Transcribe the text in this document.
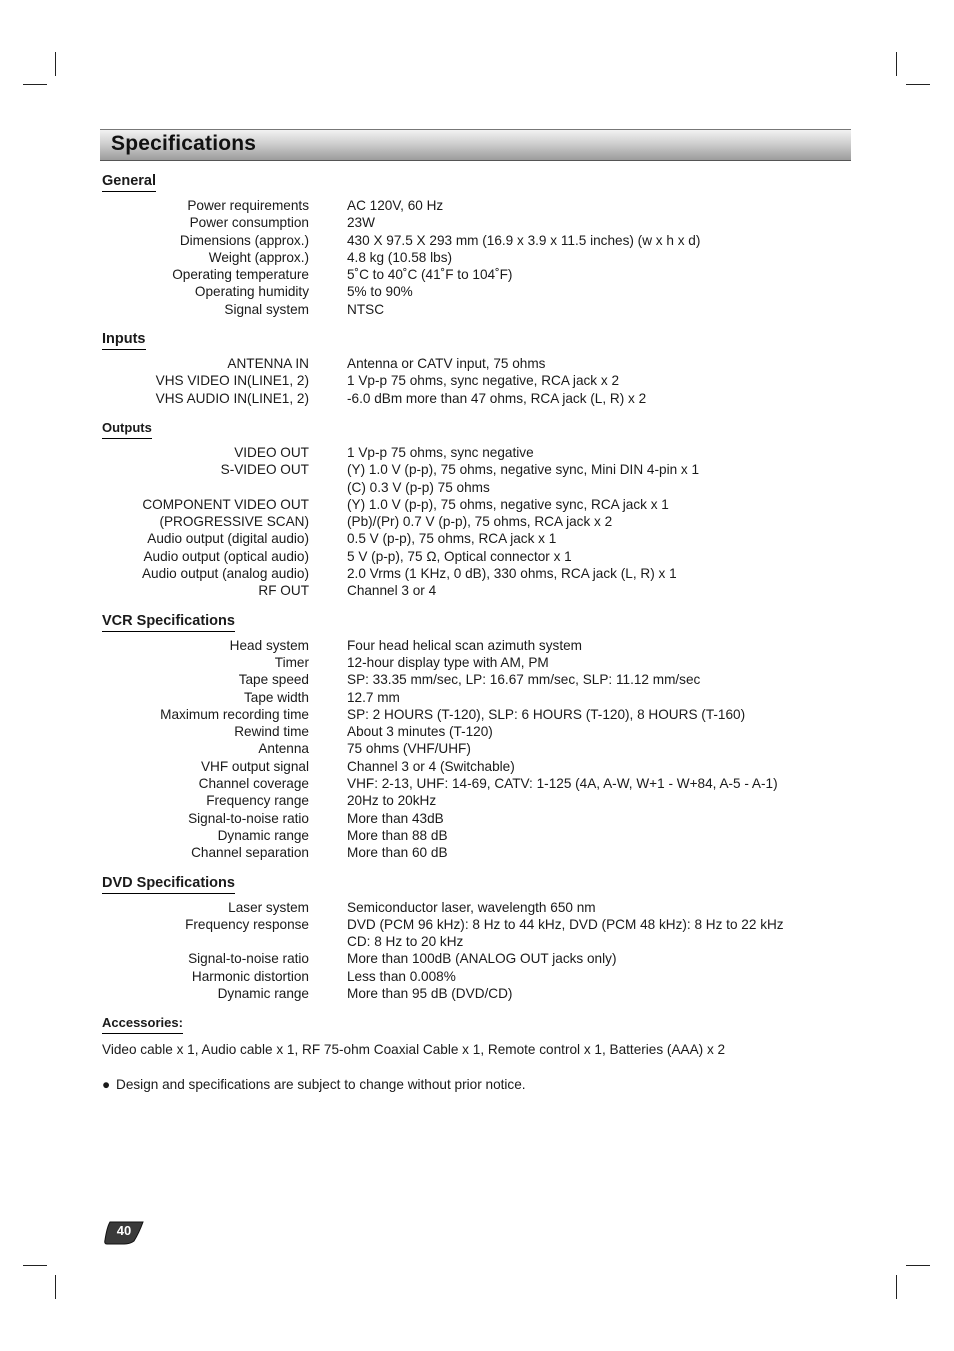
Specifications
General
Power requirements	AC 120V, 60 Hz
Power consumption	23W
Dimensions (approx.)	430 X 97.5 X 293 mm (16.9 x 3.9 x 11.5 inches) (w x h x d)
Weight (approx.)	4.8 kg (10.58 lbs)
Operating temperature	5˚C to 40˚C (41˚F to 104˚F)
Operating humidity	5% to 90%
Signal system	NTSC
Inputs
ANTENNA IN	Antenna or CATV input, 75 ohms
VHS VIDEO IN(LINE1, 2)	1 Vp-p 75 ohms, sync negative, RCA jack x 2
VHS AUDIO IN(LINE1, 2)	-6.0 dBm more than 47 ohms, RCA jack (L, R) x 2
Outputs
VIDEO OUT	1 Vp-p 75 ohms, sync negative
S-VIDEO OUT	(Y) 1.0 V (p-p), 75 ohms, negative sync, Mini DIN 4-pin x 1
(C) 0.3 V (p-p) 75 ohms
COMPONENT VIDEO OUT	(Y) 1.0 V (p-p), 75 ohms, negative sync, RCA jack x 1
(PROGRESSIVE SCAN)	(Pb)/(Pr) 0.7 V (p-p), 75 ohms, RCA jack x 2
Audio output (digital audio)	0.5 V (p-p), 75 ohms, RCA jack x 1
Audio output (optical audio)	5 V (p-p), 75 Ω, Optical connector x 1
Audio output (analog audio)	2.0 Vrms (1 KHz, 0 dB), 330 ohms, RCA jack (L, R) x 1
RF OUT	Channel 3 or 4
VCR Specifications
Head system	Four head helical scan azimuth system
Timer	12-hour display type with AM, PM
Tape speed	SP: 33.35 mm/sec, LP: 16.67 mm/sec, SLP: 11.12 mm/sec
Tape width	12.7 mm
Maximum recording time	SP: 2 HOURS (T-120), SLP: 6 HOURS (T-120), 8 HOURS (T-160)
Rewind time	About 3 minutes (T-120)
Antenna	75 ohms (VHF/UHF)
VHF output signal	Channel 3 or 4 (Switchable)
Channel coverage	VHF: 2-13, UHF: 14-69, CATV: 1-125 (4A, A-W, W+1 - W+84, A-5 - A-1)
Frequency range	20Hz to 20kHz
Signal-to-noise ratio	More than 43dB
Dynamic range	More than 88 dB
Channel separation	More than 60 dB
DVD Specifications
Laser system	Semiconductor laser, wavelength 650 nm
Frequency response	DVD (PCM 96 kHz): 8 Hz to 44 kHz, DVD (PCM 48 kHz): 8 Hz to 22 kHz
CD: 8 Hz to 20 kHz
Signal-to-noise ratio	More than 100dB (ANALOG OUT jacks only)
Harmonic distortion	Less than 0.008%
Dynamic range	More than 95 dB (DVD/CD)
Accessories:
Video cable x 1, Audio cable x 1, RF 75-ohm Coaxial Cable x 1, Remote control x 1, Batteries (AAA) x 2
● Design and specifications are subject to change without prior notice.
40
